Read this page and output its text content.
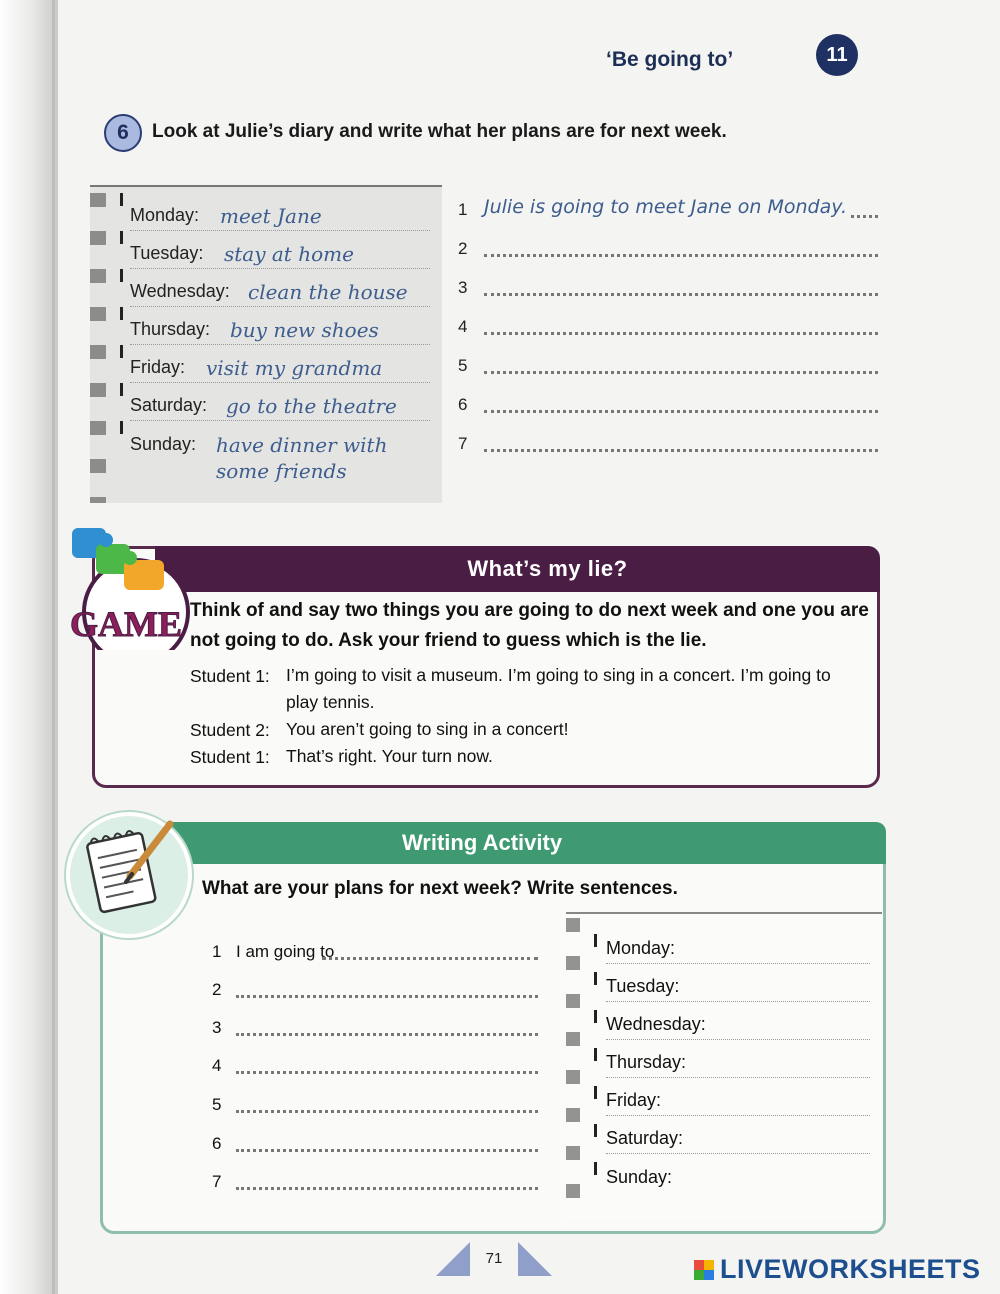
‘Be going to’	11
6	Look at Julie’s diary and write what her plans are for next week.
Monday: meet Jane
Tuesday: stay at home
Wednesday: clean the house
Thursday: buy new shoes
Friday: visit my grandma
Saturday: go to the theatre
Sunday: have dinner with
some friends
1 Julie is going to meet Jane on Monday.
2
3
4
5
6
7
What’s my lie?
GAME Think of and say two things you are going to do next week and one you are not going to do. Ask your friend to guess which is the lie.
Student 1: I’m going to visit a museum. I’m going to sing in a concert. I’m going to play tennis.
Student 2: You aren’t going to sing in a concert!
Student 1: That’s right. Your turn now.
Writing Activity
What are your plans for next week? Write sentences.
1 I am going to
2
3
4
5
6
7
Monday:
Tuesday:
Wednesday:
Thursday:
Friday:
Saturday:
Sunday:
71	LIVEWORKSHEETS
